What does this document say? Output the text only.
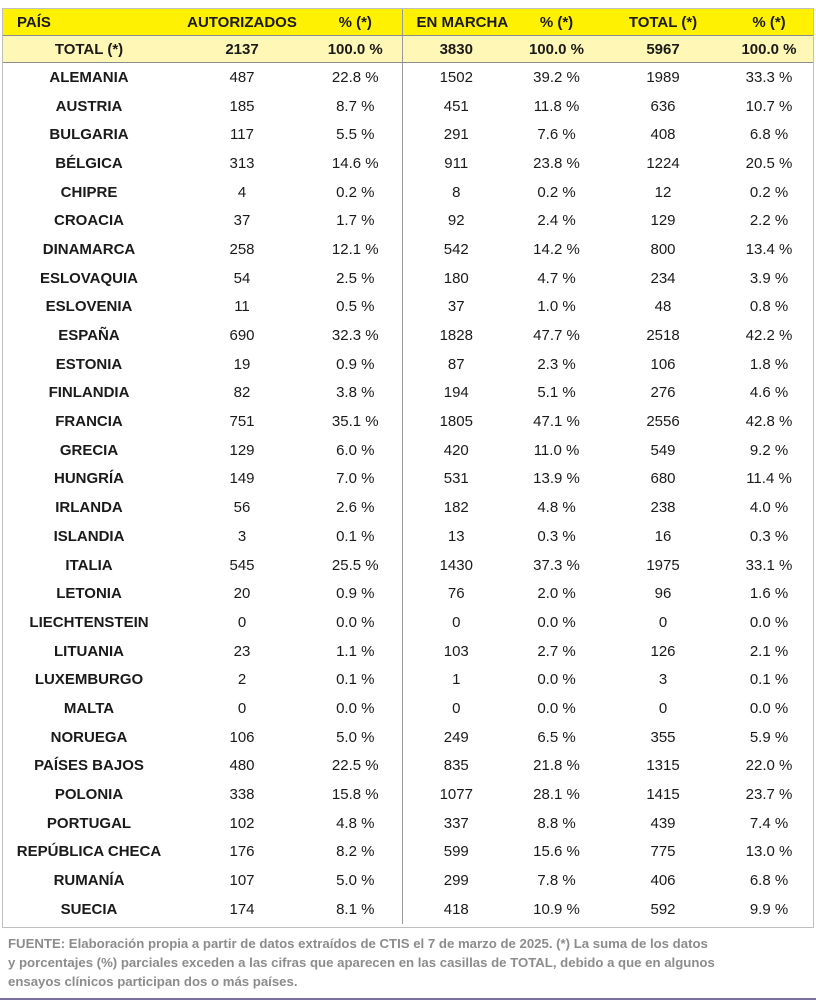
PAÍS	AUTORIZADOS	% (*)	EN MARCHA	% (*)	TOTAL (*)	% (*)
TOTAL (*)	2137	100.0 %	3830	100.0 %	5967	100.0 %
ALEMANIA	487	22.8 %	1502	39.2 %	1989	33.3 %
AUSTRIA	185	8.7 %	451	11.8 %	636	10.7 %
BULGARIA	117	5.5 %	291	7.6 %	408	6.8 %
BÉLGICA	313	14.6 %	911	23.8 %	1224	20.5 %
CHIPRE	4	0.2 %	8	0.2 %	12	0.2 %
CROACIA	37	1.7 %	92	2.4 %	129	2.2 %
DINAMARCA	258	12.1 %	542	14.2 %	800	13.4 %
ESLOVAQUIA	54	2.5 %	180	4.7 %	234	3.9 %
ESLOVENIA	11	0.5 %	37	1.0 %	48	0.8 %
ESPAÑA	690	32.3 %	1828	47.7 %	2518	42.2 %
ESTONIA	19	0.9 %	87	2.3 %	106	1.8 %
FINLANDIA	82	3.8 %	194	5.1 %	276	4.6 %
FRANCIA	751	35.1 %	1805	47.1 %	2556	42.8 %
GRECIA	129	6.0 %	420	11.0 %	549	9.2 %
HUNGRÍA	149	7.0 %	531	13.9 %	680	11.4 %
IRLANDA	56	2.6 %	182	4.8 %	238	4.0 %
ISLANDIA	3	0.1 %	13	0.3 %	16	0.3 %
ITALIA	545	25.5 %	1430	37.3 %	1975	33.1 %
LETONIA	20	0.9 %	76	2.0 %	96	1.6 %
LIECHTENSTEIN	0	0.0 %	0	0.0 %	0	0.0 %
LITUANIA	23	1.1 %	103	2.7 %	126	2.1 %
LUXEMBURGO	2	0.1 %	1	0.0 %	3	0.1 %
MALTA	0	0.0 %	0	0.0 %	0	0.0 %
NORUEGA	106	5.0 %	249	6.5 %	355	5.9 %
PAÍSES BAJOS	480	22.5 %	835	21.8 %	1315	22.0 %
POLONIA	338	15.8 %	1077	28.1 %	1415	23.7 %
PORTUGAL	102	4.8 %	337	8.8 %	439	7.4 %
REPÚBLICA CHECA	176	8.2 %	599	15.6 %	775	13.0 %
RUMANÍA	107	5.0 %	299	7.8 %	406	6.8 %
SUECIA	174	8.1 %	418	10.9 %	592	9.9 %
FUENTE: Elaboración propia a partir de datos extraídos de CTIS el 7 de marzo de 2025. (*) La suma de los datos
y porcentajes (%) parciales exceden a las cifras que aparecen en las casillas de TOTAL, debido a que en algunos
ensayos clínicos participan dos o más países.
